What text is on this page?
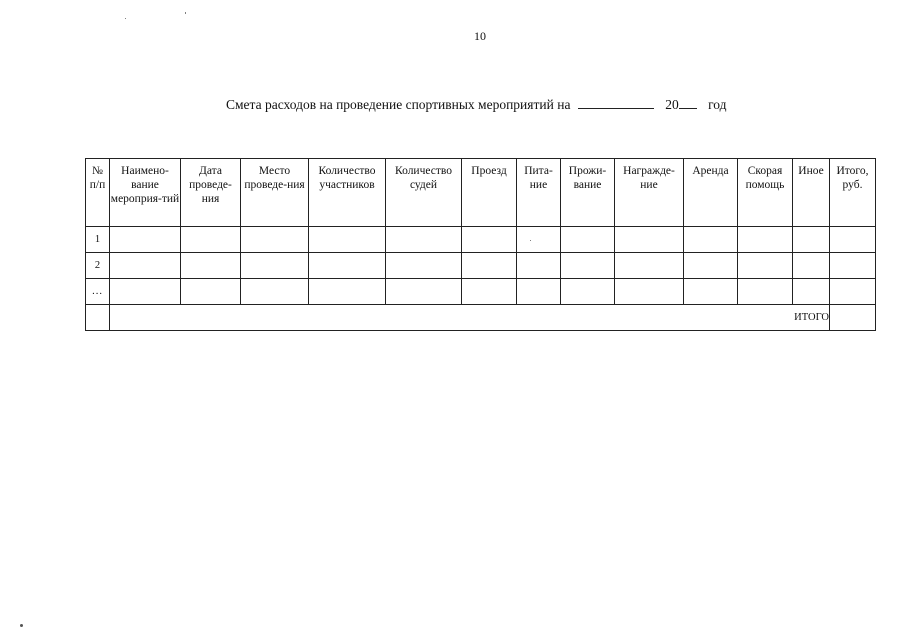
10
Смета расходов на проведение спортивных мероприятий на	20 год
№ п/п	Наимено-вание мероприя-тий	Дата проведе-ния	Место проведе-ния	Количество участников	Количество судей	Проезд	Пита-ние	Прожи-вание	Награжде-ние	Аренда	Скорая помощь	Иное	Итого, руб.
1													
2													
...													
	ИТОГО												
